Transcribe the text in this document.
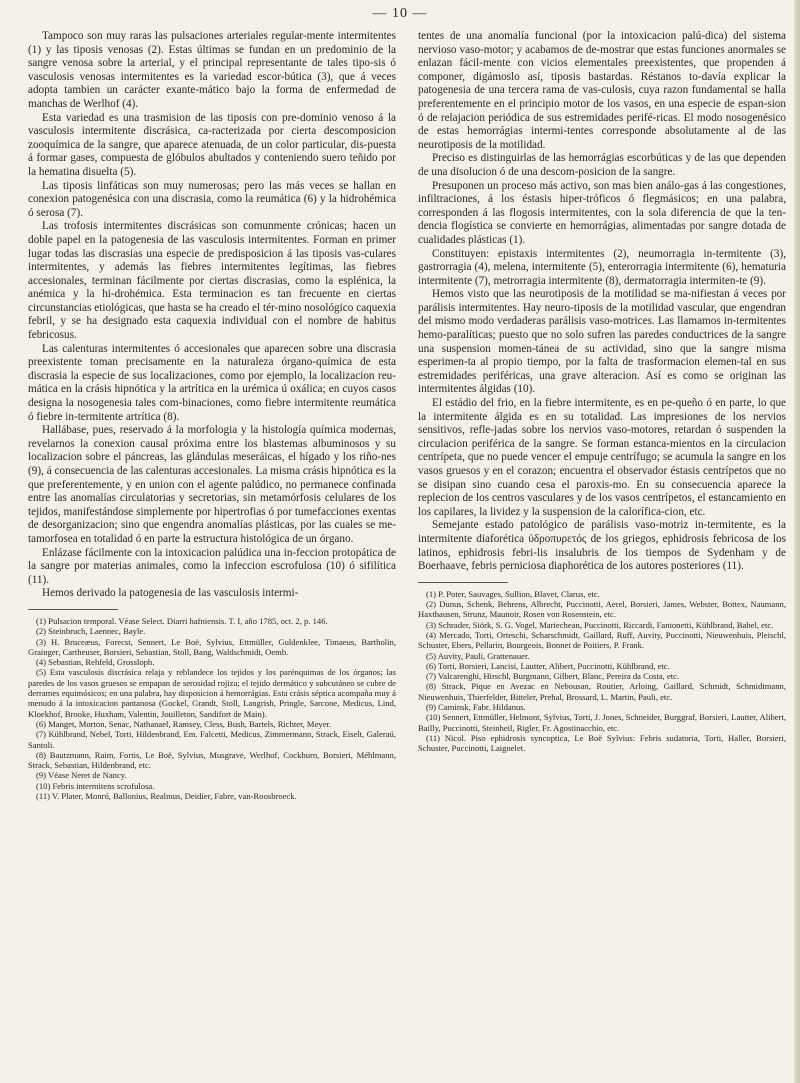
— 10 —

Tampoco son muy raras las pulsaciones arteriales regular-mente intermitentes (1) y las tiposis venosas (2). Estas últimas se fundan en un predominio de la sangre venosa sobre la arterial, y el principal representante de tales tipo-sis ó vasculosis venosas intermitentes es la variedad escor-bútica (3), que á veces adopta tambien un carácter exante-mático bajo la forma de enfermedad de manchas de Werlhof (4).

Esta variedad es una trasmision de las tiposis con pre-dominio venoso á la vasculosis intermitente discrásica, ca-racterizada por cierta descomposicion zooquímica de la sangre, que aparece atenuada, de un color particular, dis-puesta á formar gases, compuesta de glóbulos abultados y conteniendo suero teñido por la hematina disuelta (5).

Las tiposis linfáticas son muy numerosas; pero las más veces se hallan en conexion patogenésica con una discrasia, como la reumática (6) y la hidrohémica ó serosa (7).

Las trofosis intermitentes discrásicas son comunmente crónicas; hacen un doble papel en la patogenesia de las vasculosis intermitentes. Forman en primer lugar todas las discrasias una especie de predisposicion á las tiposis vas-culares intermitentes, y además las fiebres intermitentes legítimas, las fiebres accesionales, terminan fácilmente por ciertas discrasias, como la esplénica, la anémica y la hi-drohémica. Esta terminacion es tan frecuente en ciertas circunstancias etiológicas, que hasta se ha creado el tér-mino nosológico caquexia febril, y se ha designado esta caquexia individual con el nombre de habitus febricosus.

Las calenturas intermitentes ó accesionales que aparecen sobre una discrasia preexistente toman precisamente en la naturaleza órgano-química de esta discrasia la especie de sus localizaciones, como por ejemplo, la localizacion reu-mática en la crásis hipnótica y la artrítica en la urémica ú oxálica; en cuyos casos designa la nosogenesia tales com-binaciones, como fiebre intermitente reumática ó fiebre in-termitente artrítica (8).

Hallábase, pues, reservado á la morfologia y la histología química modernas, revelarnos la conexion causal próxima entre los blastemas albuminosos y su localizacion sobre el páncreas, las glándulas meseráicas, el hígado y los riño-nes (9), á consecuencia de las calenturas accesionales. La misma crásis hipnótica es la que preferentemente, y en union con el agente palúdico, no permanece confinada entre las anomalías circulatorias y secretorias, sin metamórfosis celulares de los tejidos, manifestándose simplemente por hipertrofias ó por tumefacciones exentas de desorganizacion; sino que engendra anomalías plásticas, por las cuales se me-tamorfosea en totalidad ó en parte la estructura histológica de un órgano.

Enlázase fácilmente con la intoxicacion palúdica una in-feccion protopática de la sangre por materias animales, como la infeccion escrofulosa (10) ó sifilítica (11).

Hemos derivado la patogenesia de las vasculosis intermi-

(1) Pulsacion temporal. Véase Select. Diarri hafniensis. T. I, año 1785, oct. 2, p. 146.

(2) Steinbruch, Laennec, Bayle.

(3) H. Bruceæus, Forecst, Sennert, Le Boë, Sylvius, Ettmüller, Guldenklee, Timaeus, Bartholin, Grainger, Cartheuser, Borsieri, Sebastian, Stoll, Bang, Waldschmidt, Oemb.

(4) Sebastian, Rehfeld, Grossloph.

(5) Esta vasculosis discrásica relaja y reblandece los tejidos y los parénquimas de los órganos; las paredes de los vasos gruesos se empapan de serosidad rojiza; el tejido dermático y subcutáneo se cubre de derrames equimósicos; en una palabra, hay disposicion á hemorrágias. Esta crásis séptica acompaña muy á menudo á la intoxicacion pantanosa (Gockel, Grandt, Stoll, Langrish, Pringle, Sarcone, Medicus, Lind, Kloekhof, Brooke, Huxham, Valentin, Jouilleton, Sandifort de Main).

(6) Manget, Morton, Senac, Nathanael, Ramsey, Cless, Bush, Bartels, Richter, Meyer.

(7) Kühlbrand, Nebel, Torti, Hildenbrand, Em. Falcetti, Medicus, Zimmermann, Strack, Eiselt, Galeraú, Santoli.

(8) Bautzmann, Raim, Fortis, Le Boë, Sylvius, Musgrave, Werlhof, Cockburn, Borsieri, Méhlmann, Strack, Sebastian, Hildenbrand, etc.

(9) Véase Neret de Nancy.

(10) Febris intermitens scrofulosa.

(11) V. Plater, Monró, Ballonius, Realmus, Deidier, Fabre, van-Roosbroeck.

tentes de una anomalía funcional (por la intoxicacion palú-dica) del sistema nervioso vaso-motor; y acabamos de de-mostrar que estas funciones anormales se enlazan fácil-mente con vicios elementales preexistentes, que propenden á componer, digámoslo así, tiposis bastardas. Réstanos to-davía explicar la patogenesia de una tercera rama de vas-culosis, cuya razon fundamental se halla preferentemente en el principio motor de los vasos, en una especie de espan-sion ó de relajacion periódica de sus estremidades perifé-ricas. El modo nosogenésico de estas hemorrágias intermi-tentes corresponde absolutamente al de las neurotiposis de la motilidad.

Preciso es distinguirlas de las hemorrágias escorbúticas y de las que dependen de una disolucion ó de una descom-posicion de la sangre.

Presuponen un proceso más activo, son mas bien análo-gas á las congestiones, infiltraciones, á los éstasis hiper-tróficos ó flegmásicos; en una palabra, corresponden á las flogosis intermitentes, con la sola diferencia de que la ten-dencia flogística se convierte en hemorrágias, alimentadas por sangre dotada de cualidades plásticas (1).

Constituyen: epistaxis intermitentes (2), neumorragia in-termitente (3), gastrorragia (4), melena, intermitente (5), enterorragia intermitente (6), hematuria intermitente (7), metrorragia intermitente (8), dermatorragia intermiten-te (9).

Hemos visto que las neurotiposis de la motilidad se ma-nifiestan á veces por parálisis intermitentes. Hay neuro-tiposis de la motilidad vascular, que engendran del mismo modo verdaderas parálisis vaso-motrices. Las llamamos in-termitentes hemo-paralíticas; puesto que no solo sufren las paredes conductrices de la sangre una suspension momen-tánea de su actividad, sino que la sangre misma esperimen-ta al propio tiempo, por la falta de trasformacion elemen-tal en sus estremidades periféricas, una grave alteracion. Así es como se originan las intermitentes álgidas (10).

El estádio del frio, en la fiebre intermitente, es en pe-queño ó en parte, lo que la intermitente álgida es en su totalidad. Las impresiones de los nervios sensitivos, refle-jadas sobre los nervios vaso-motores, retardan ó suspenden la circulacion periférica de la sangre. Se forman estanca-mientos en la circulacion centrípeta, que no puede vencer el empuje centrífugo; se acumula la sangre en los vasos gruesos y en el corazon; encuentra el observador éstasis centrípetos que no se disipan sino cuando cesa el paroxis-mo. En su consecuencia aparece la replecion de los centros vasculares y de los vasos centrípetos, el estancamiento en los capilares, la lividez y la suspension de la calorífica-cion, etc.

Semejante estado patológico de parálisis vaso-motriz in-termitente, es la intermitente diaforética ὑδροπυρετός de los griegos, ephidrosis febricosa de los latinos, ephidrosis febri-lis insalubris de los tiempos de Sydenham y de Boerhaave, febris perniciosa diaphorética de los autores posteriores (11).

(1) P. Poter, Sauvages, Sullion, Blavet, Clarus, etc.

(2) Dunus, Schenk, Behrens, Albrecht, Puccinotti, Aerel, Borsieri, James, Webster, Bottex, Naumann, Haxthausen, Strunz, Maunoir, Rosen von Rosenstein, etc.

(3) Schrader, Siörk, S. G. Vogel, Mariechean, Puccinotti, Riccardi, Fantonetti, Kühlbrand, Babel, etc.

(4) Mercado, Torti, Orteschi, Scharschmidt, Gaillard, Ruff, Auvity, Puccinotti, Nieuwenhuis, Pleischl, Schuster, Ebers, Pellarin, Bourgeois, Bonnet de Poitiers, P. Frank.

(5) Auvity, Pauli, Grattenauer.

(6) Torti, Borsieri, Lancisi, Lautter, Alibert, Puccinotti, Kühlbrand, etc.

(7) Valcarenghi, Hirschl, Burgmann, Gilbert, Blanc, Pereira da Costa, etc.

(8) Strack, Pique en Avezac en Nebousan, Routier, Arloing, Gaillard, Schmidt, Schmidtmann, Nieuwenhuis, Thierfelder, Bitteler, Prehal, Brossard, L. Martin, Pauli, etc.

(9) Caminsk, Fabr. Hildanus.

(10) Sennert, Ettmüller, Helmont, Sylvius, Torti, J. Jones, Schneider, Burggraf, Borsieri, Lautter, Alibert, Bailly, Puccinotti, Steinheil, Rigler, Fr. Agostinacchio, etc.

(11) Nicol. Piso ephidrosis syncoptica, Le Boë Sylvius: Febris sudatoria, Torti, Haller, Borsieri, Schuster, Puccinotti, Laignelet.
